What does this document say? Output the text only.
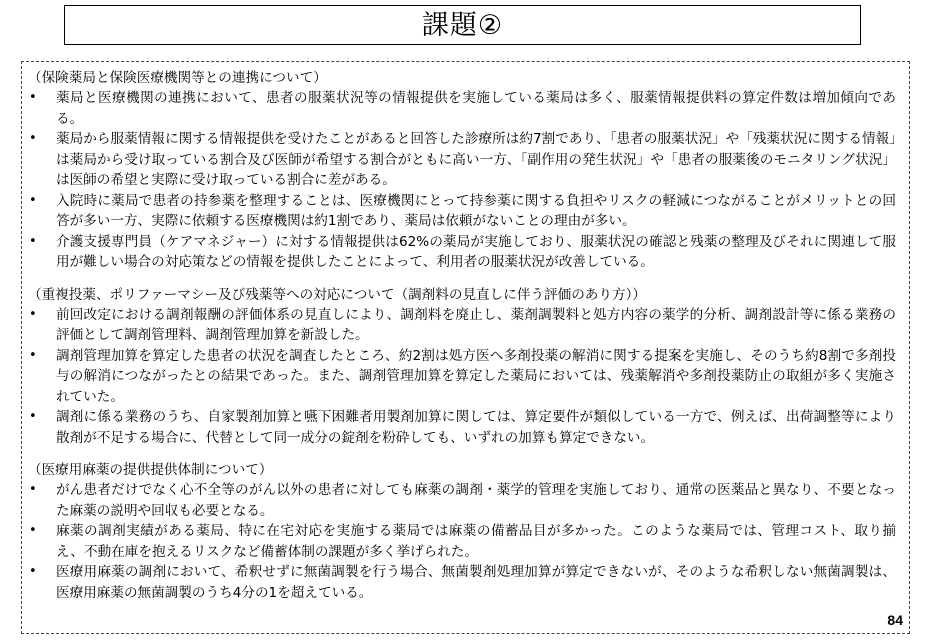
課題②
（保険薬局と保険医療機関等との連携について）
•	薬局と医療機関の連携において、患者の服薬状況等の情報提供を実施している薬局は多く、服薬情報提供料の算定件数は増加傾向である。
•	薬局から服薬情報に関する情報提供を受けたことがあると回答した診療所は約7割であり、「患者の服薬状況」や「残薬状況に関する情報」は薬局から受け取っている割合及び医師が希望する割合がともに高い一方、「副作用の発生状況」や「患者の服薬後のモニタリング状況」は医師の希望と実際に受け取っている割合に差がある。
•	入院時に薬局で患者の持参薬を整理することは、医療機関にとって持参薬に関する負担やリスクの軽減につながることがメリットとの回答が多い一方、実際に依頼する医療機関は約1割であり、薬局は依頼がないことの理由が多い。
•	介護支援専門員（ケアマネジャー）に対する情報提供は62%の薬局が実施しており、服薬状況の確認と残薬の整理及びそれに関連して服用が難しい場合の対応策などの情報を提供したことによって、利用者の服薬状況が改善している。
（重複投薬、ポリファーマシー及び残薬等への対応について（調剤料の見直しに伴う評価のあり方））
•	前回改定における調剤報酬の評価体系の見直しにより、調剤料を廃止し、薬剤調製料と処方内容の薬学的分析、調剤設計等に係る業務の評価として調剤管理料、調剤管理加算を新設した。
•	調剤管理加算を算定した患者の状況を調査したところ、約2割は処方医へ多剤投薬の解消に関する提案を実施し、そのうち約8割で多剤投与の解消につながったとの結果であった。また、調剤管理加算を算定した薬局においては、残薬解消や多剤投薬防止の取組が多く実施されていた。
•	調剤に係る業務のうち、自家製剤加算と嚥下困難者用製剤加算に関しては、算定要件が類似している一方で、例えば、出荷調整等により散剤が不足する場合に、代替として同一成分の錠剤を粉砕しても、いずれの加算も算定できない。
（医療用麻薬の提供提供体制について）
•	がん患者だけでなく心不全等のがん以外の患者に対しても麻薬の調剤・薬学的管理を実施しており、通常の医薬品と異なり、不要となった麻薬の説明や回収も必要となる。
•	麻薬の調剤実績がある薬局、特に在宅対応を実施する薬局では麻薬の備蓄品目が多かった。このような薬局では、管理コスト、取り揃え、不動在庫を抱えるリスクなど備蓄体制の課題が多く挙げられた。
•	医療用麻薬の調剤において、希釈せずに無菌調製を行う場合、無菌製剤処理加算が算定できないが、そのような希釈しない無菌調製は、医療用麻薬の無菌調製のうち4分の1を超えている。
84
